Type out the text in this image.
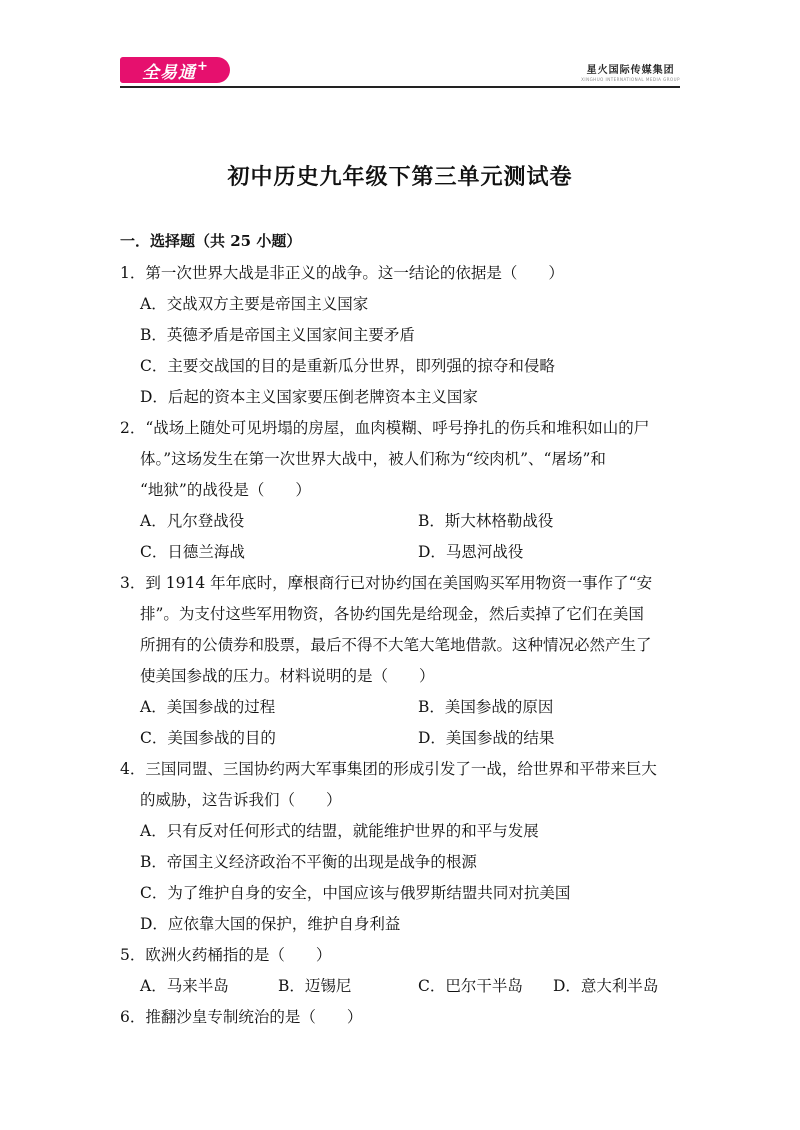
全易通 +	星火国际传媒集团
XINGHUO INTERNATIONAL MEDIA GROUP
初中历史九年级下第三单元测试卷
一．选择题（共 25 小题）
1．第一次世界大战是非正义的战争。这一结论的依据是（　　）
A．交战双方主要是帝国主义国家
B．英德矛盾是帝国主义国家间主要矛盾
C．主要交战国的目的是重新瓜分世界，即列强的掠夺和侵略
D．后起的资本主义国家要压倒老牌资本主义国家
2．“战场上随处可见坍塌的房屋，血肉模糊、呼号挣扎的伤兵和堆积如山的尸
体。”这场发生在第一次世界大战中，被人们称为“绞肉机”、“屠场”和
“地狱”的战役是（　　）
A．凡尔登战役	B．斯大林格勒战役
C．日德兰海战	D．马恩河战役
3．到 1914 年年底时，摩根商行已对协约国在美国购买军用物资一事作了“安
排”。为支付这些军用物资，各协约国先是给现金，然后卖掉了它们在美国
所拥有的公债券和股票，最后不得不大笔大笔地借款。这种情况必然产生了
使美国参战的压力。材料说明的是（　　）
A．美国参战的过程	B．美国参战的原因
C．美国参战的目的	D．美国参战的结果
4．三国同盟、三国协约两大军事集团的形成引发了一战，给世界和平带来巨大
的威胁，这告诉我们（　　）
A．只有反对任何形式的结盟，就能维护世界的和平与发展
B．帝国主义经济政治不平衡的出现是战争的根源
C．为了维护自身的安全，中国应该与俄罗斯结盟共同对抗美国
D．应依靠大国的保护，维护自身利益
5．欧洲火药桶指的是（　　）
A．马来半岛	B．迈锡尼	C．巴尔干半岛 D．意大利半岛
6．推翻沙皇专制统治的是（　　）
